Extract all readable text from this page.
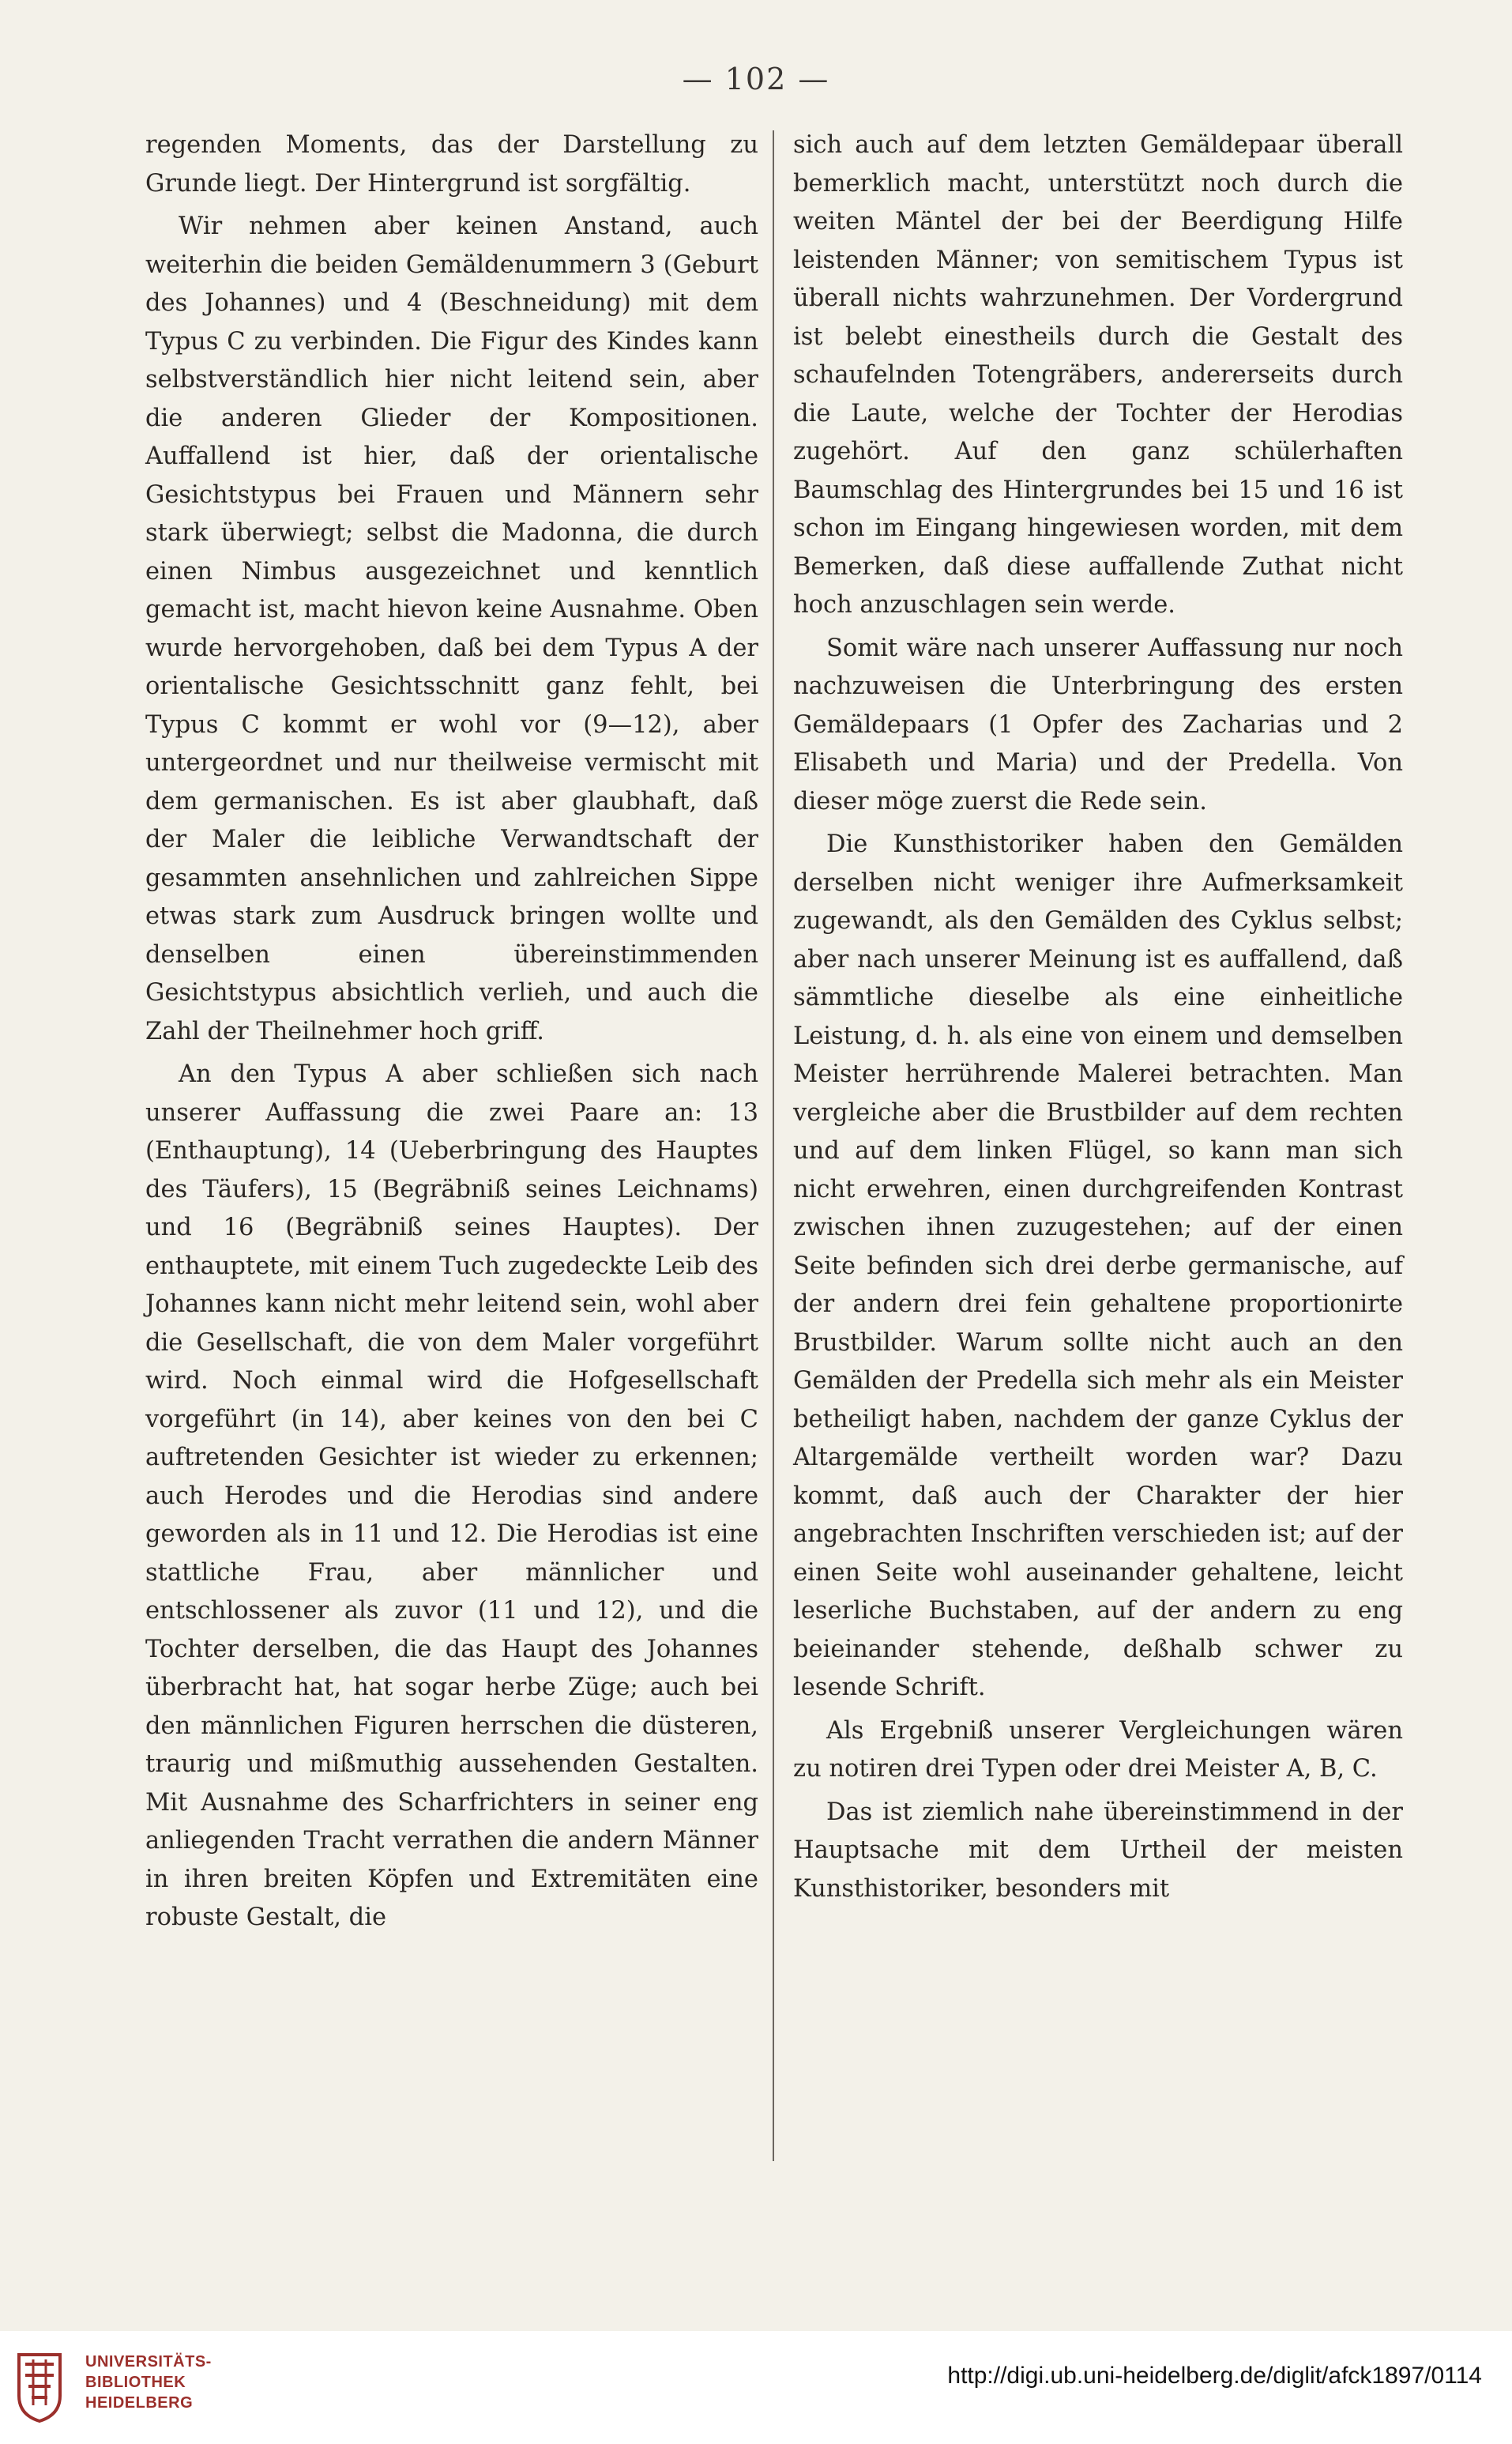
— 102 —

regenden Moments, das der Darstellung zu Grunde liegt. Der Hintergrund ist sorgfältig.

Wir nehmen aber keinen Anstand, auch weiterhin die beiden Gemäldenummern 3 (Geburt des Johannes) und 4 (Beschneidung) mit dem Typus C zu verbinden. Die Figur des Kindes kann selbstverständlich hier nicht leitend sein, aber die anderen Glieder der Kompositionen. Auffallend ist hier, daß der orientalische Gesichtstypus bei Frauen und Männern sehr stark überwiegt; selbst die Madonna, die durch einen Nimbus ausgezeichnet und kenntlich gemacht ist, macht hievon keine Ausnahme. Oben wurde hervorgehoben, daß bei dem Typus A der orientalische Gesichtsschnitt ganz fehlt, bei Typus C kommt er wohl vor (9—12), aber untergeordnet und nur theilweise vermischt mit dem germanischen. Es ist aber glaubhaft, daß der Maler die leibliche Verwandtschaft der gesammten ansehnlichen und zahlreichen Sippe etwas stark zum Ausdruck bringen wollte und denselben einen übereinstimmenden Gesichtstypus absichtlich verlieh, und auch die Zahl der Theilnehmer hoch griff.

An den Typus A aber schließen sich nach unserer Auffassung die zwei Paare an: 13 (Enthauptung), 14 (Ueberbringung des Hauptes des Täufers), 15 (Begräbniß seines Leichnams) und 16 (Begräbniß seines Hauptes). Der enthauptete, mit einem Tuch zugedeckte Leib des Johannes kann nicht mehr leitend sein, wohl aber die Gesellschaft, die von dem Maler vorgeführt wird. Noch einmal wird die Hofgesellschaft vorgeführt (in 14), aber keines von den bei C auftretenden Gesichter ist wieder zu erkennen; auch Herodes und die Herodias sind andere geworden als in 11 und 12. Die Herodias ist eine stattliche Frau, aber männlicher und entschlossener als zuvor (11 und 12), und die Tochter derselben, die das Haupt des Johannes überbracht hat, hat sogar herbe Züge; auch bei den männlichen Figuren herrschen die düsteren, traurig und mißmuthig aussehenden Gestalten. Mit Ausnahme des Scharfrichters in seiner eng anliegenden Tracht verrathen die andern Männer in ihren breiten Köpfen und Extremitäten eine robuste Gestalt, die

sich auch auf dem letzten Gemäldepaar überall bemerklich macht, unterstützt noch durch die weiten Mäntel der bei der Beerdigung Hilfe leistenden Männer; von semitischem Typus ist überall nichts wahrzunehmen. Der Vordergrund ist belebt einestheils durch die Gestalt des schaufelnden Totengräbers, andererseits durch die Laute, welche der Tochter der Herodias zugehört. Auf den ganz schülerhaften Baumschlag des Hintergrundes bei 15 und 16 ist schon im Eingang hingewiesen worden, mit dem Bemerken, daß diese auffallende Zuthat nicht hoch anzuschlagen sein werde.

Somit wäre nach unserer Auffassung nur noch nachzuweisen die Unterbringung des ersten Gemäldepaars (1 Opfer des Zacharias und 2 Elisabeth und Maria) und der Predella. Von dieser möge zuerst die Rede sein.

Die Kunsthistoriker haben den Gemälden derselben nicht weniger ihre Aufmerksamkeit zugewandt, als den Gemälden des Cyklus selbst; aber nach unserer Meinung ist es auffallend, daß sämmtliche dieselbe als eine einheitliche Leistung, d. h. als eine von einem und demselben Meister herrührende Malerei betrachten. Man vergleiche aber die Brustbilder auf dem rechten und auf dem linken Flügel, so kann man sich nicht erwehren, einen durchgreifenden Kontrast zwischen ihnen zuzugestehen; auf der einen Seite befinden sich drei derbe germanische, auf der andern drei fein gehaltene proportionirte Brustbilder. Warum sollte nicht auch an den Gemälden der Predella sich mehr als ein Meister betheiligt haben, nachdem der ganze Cyklus der Altargemälde vertheilt worden war? Dazu kommt, daß auch der Charakter der hier angebrachten Inschriften verschieden ist; auf der einen Seite wohl auseinander gehaltene, leicht leserliche Buchstaben, auf der andern zu eng beieinander stehende, deßhalb schwer zu lesende Schrift.

Als Ergebniß unserer Vergleichungen wären zu notiren drei Typen oder drei Meister A, B, C.

Das ist ziemlich nahe übereinstimmend in der Hauptsache mit dem Urtheil der meisten Kunsthistoriker, besonders mit

UNIVERSITÄTS-
BIBLIOTHEK
HEIDELBERG
http://digi.ub.uni-heidelberg.de/diglit/afck1897/0114
